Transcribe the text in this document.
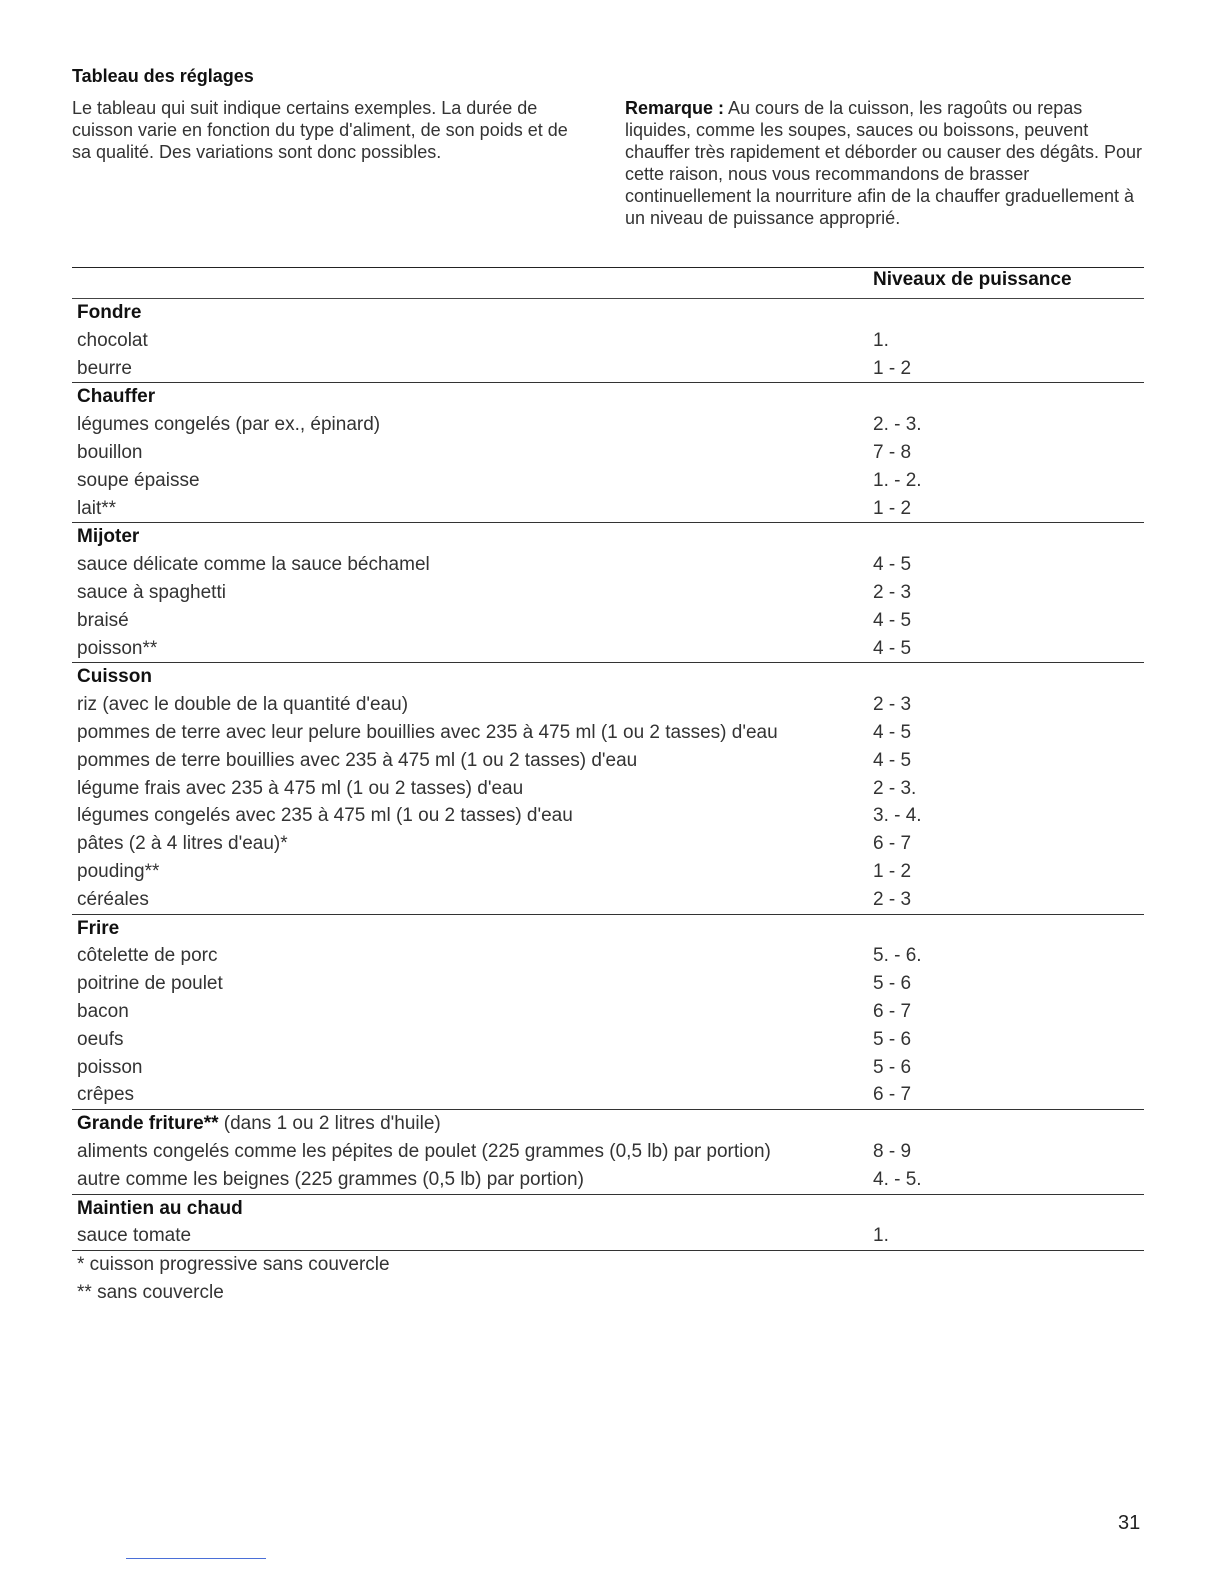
Tableau des réglages
Le tableau qui suit indique certains exemples. La durée de cuisson varie en fonction du type d'aliment, de son poids et de sa qualité. Des variations sont donc possibles.
Remarque : Au cours de la cuisson, les ragoûts ou repas liquides, comme les soupes, sauces ou boissons, peuvent chauffer très rapidement et déborder ou causer des dégâts. Pour cette raison, nous vous recommandons de brasser continuellement la nourriture afin de la chauffer graduellement à un niveau de puissance approprié.
Niveaux de puissance
Fondre
chocolat	1.
beurre	1 - 2
Chauffer
légumes congelés (par ex., épinard)	2. - 3.
bouillon	7 - 8
soupe épaisse	1. - 2.
lait**	1 - 2
Mijoter
sauce délicate comme la sauce béchamel	4 - 5
sauce à spaghetti	2 - 3
braisé	4 - 5
poisson**	4 - 5
Cuisson
riz (avec le double de la quantité d'eau)	2 - 3
pommes de terre avec leur pelure bouillies avec 235 à 475 ml (1 ou 2 tasses) d'eau	4 - 5
pommes de terre bouillies avec 235 à 475 ml (1 ou 2 tasses) d'eau	4 - 5
légume frais avec 235 à 475 ml (1 ou 2 tasses) d'eau	2 - 3.
légumes congelés avec 235 à 475 ml (1 ou 2 tasses) d'eau	3. - 4.
pâtes (2 à 4 litres d'eau)*	6 - 7
pouding**	1 - 2
céréales	2 - 3
Frire
côtelette de porc	5. - 6.
poitrine de poulet	5 - 6
bacon	6 - 7
oeufs	5 - 6
poisson	5 - 6
crêpes	6 - 7
Grande friture** (dans 1 ou 2 litres d'huile)
aliments congelés comme les pépites de poulet (225 grammes (0,5 lb) par portion)	8 - 9
autre comme les beignes (225 grammes (0,5 lb) par portion)	4. - 5.
Maintien au chaud
sauce tomate	1.
* cuisson progressive sans couvercle
** sans couvercle
31
